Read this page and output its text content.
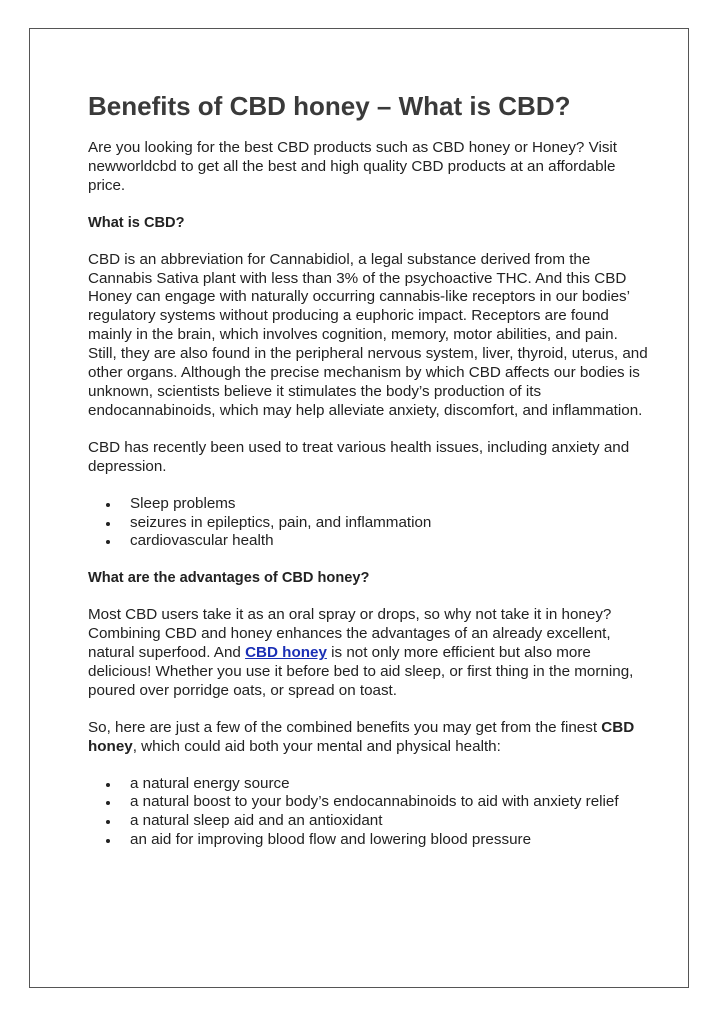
Benefits of CBD honey – What is CBD?

Are you looking for the best CBD products such as CBD honey or Honey? Visit newworldcbd to get all the best and high quality CBD products at an affordable price.

What is CBD?

CBD is an abbreviation for Cannabidiol, a legal substance derived from the Cannabis Sativa plant with less than 3% of the psychoactive THC. And this CBD Honey can engage with naturally occurring cannabis-like receptors in our bodies’ regulatory systems without producing a euphoric impact. Receptors are found mainly in the brain, which involves cognition, memory, motor abilities, and pain. Still, they are also found in the peripheral nervous system, liver, thyroid, uterus, and other organs. Although the precise mechanism by which CBD affects our bodies is unknown, scientists believe it stimulates the body’s production of its endocannabinoids, which may help alleviate anxiety, discomfort, and inflammation.

CBD has recently been used to treat various health issues, including anxiety and depression.

Sleep problems
seizures in epileptics, pain, and inflammation
cardiovascular health
What are the advantages of CBD honey?

Most CBD users take it as an oral spray or drops, so why not take it in honey? Combining CBD and honey enhances the advantages of an already excellent, natural superfood. And CBD honey is not only more efficient but also more delicious! Whether you use it before bed to aid sleep, or first thing in the morning, poured over porridge oats, or spread on toast.

So, here are just a few of the combined benefits you may get from the finest CBD honey, which could aid both your mental and physical health:

a natural energy source
a natural boost to your body’s endocannabinoids to aid with anxiety relief
a natural sleep aid and an antioxidant
an aid for improving blood flow and lowering blood pressure
